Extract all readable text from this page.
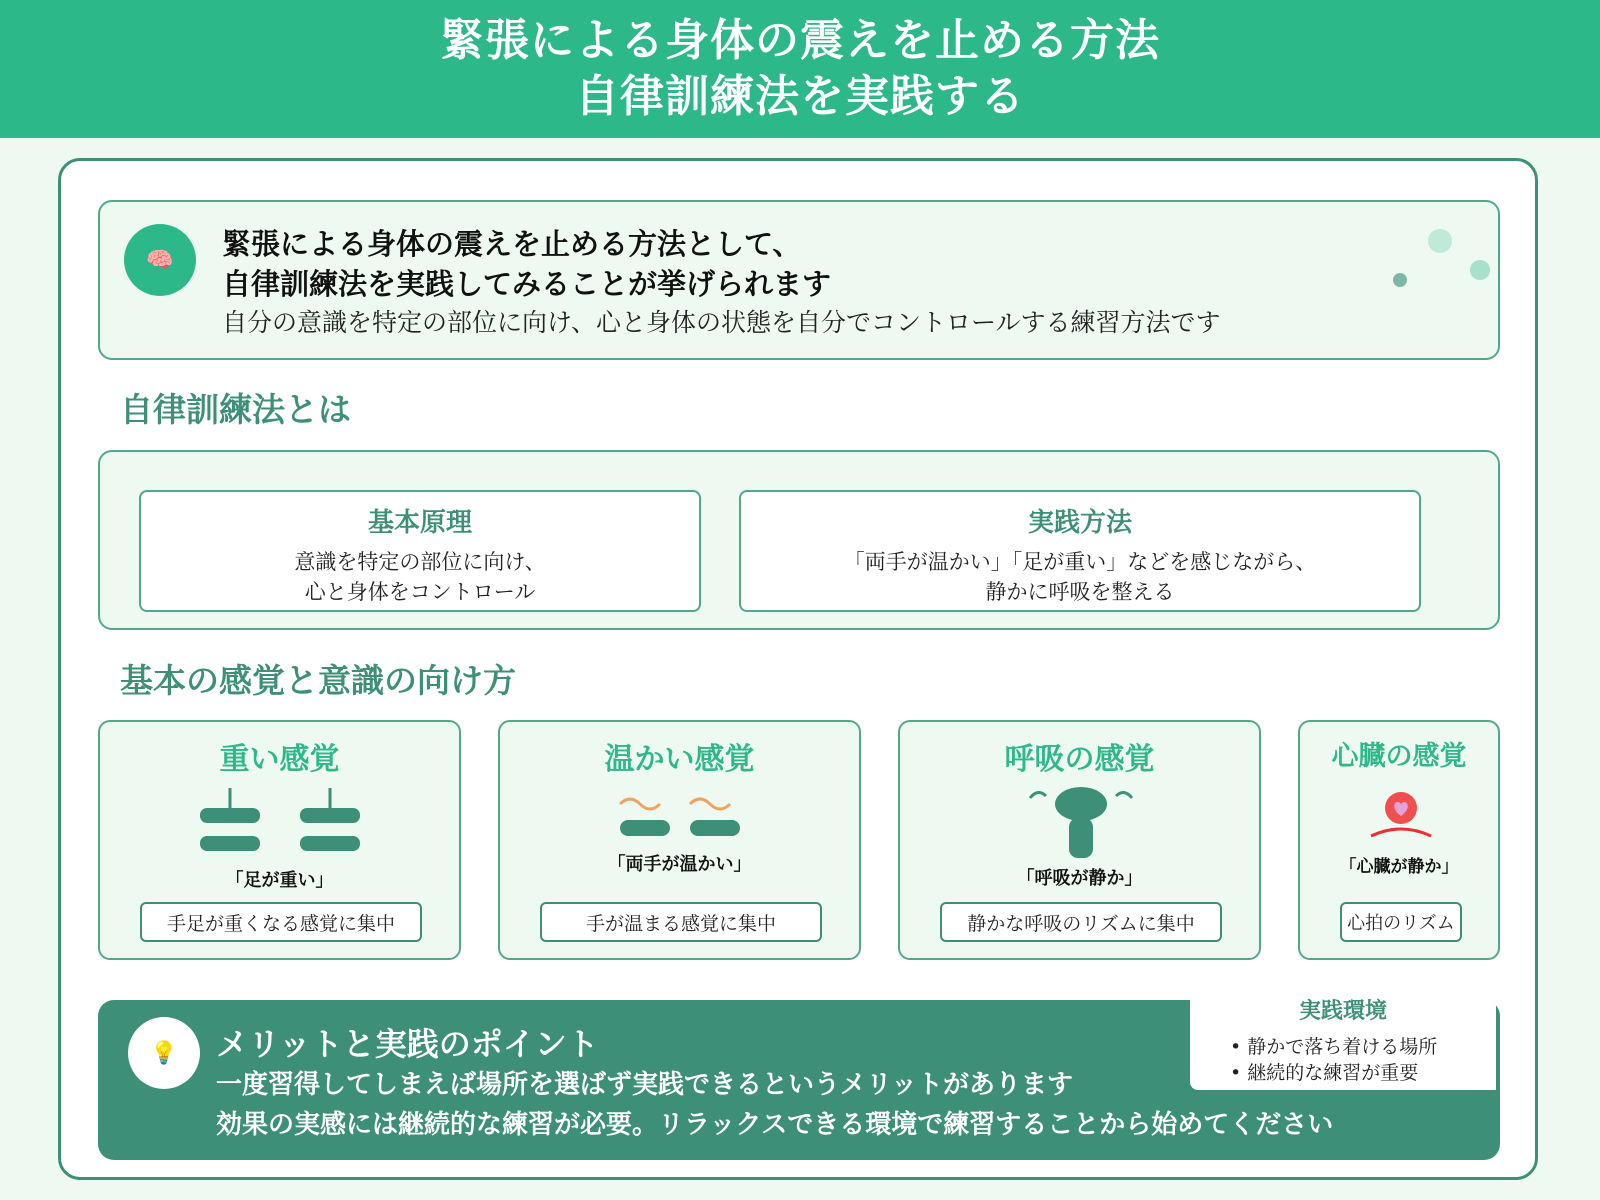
緊張による身体の震えを止める方法
自律訓練法を実践する
🧠	緊張による身体の震えを止める方法として、
自律訓練法を実践してみることが挙げられます
自分の意識を特定の部位に向け、心と身体の状態を自分でコントロールする練習方法です
自律訓練法とは
基本原理
意識を特定の部位に向け、
心と身体をコントロール
実践方法
「両手が温かい」「足が重い」などを感じながら、
静かに呼吸を整える
基本の感覚と意識の向け方
重い感覚
「足が重い」
手足が重くなる感覚に集中
温かい感覚
「両手が温かい」
手が温まる感覚に集中
呼吸の感覚
「呼吸が静か」
静かな呼吸のリズムに集中
心臓の感覚
「心臓が静か」
心拍のリズム
💡	メリットと実践のポイント
一度習得してしまえば場所を選ばず実践できるというメリットがあります
効果の実感には継続的な練習が必要。リラックスできる環境で練習することから始めてください
実践環境
• 静かで落ち着ける場所
• 継続的な練習が重要
